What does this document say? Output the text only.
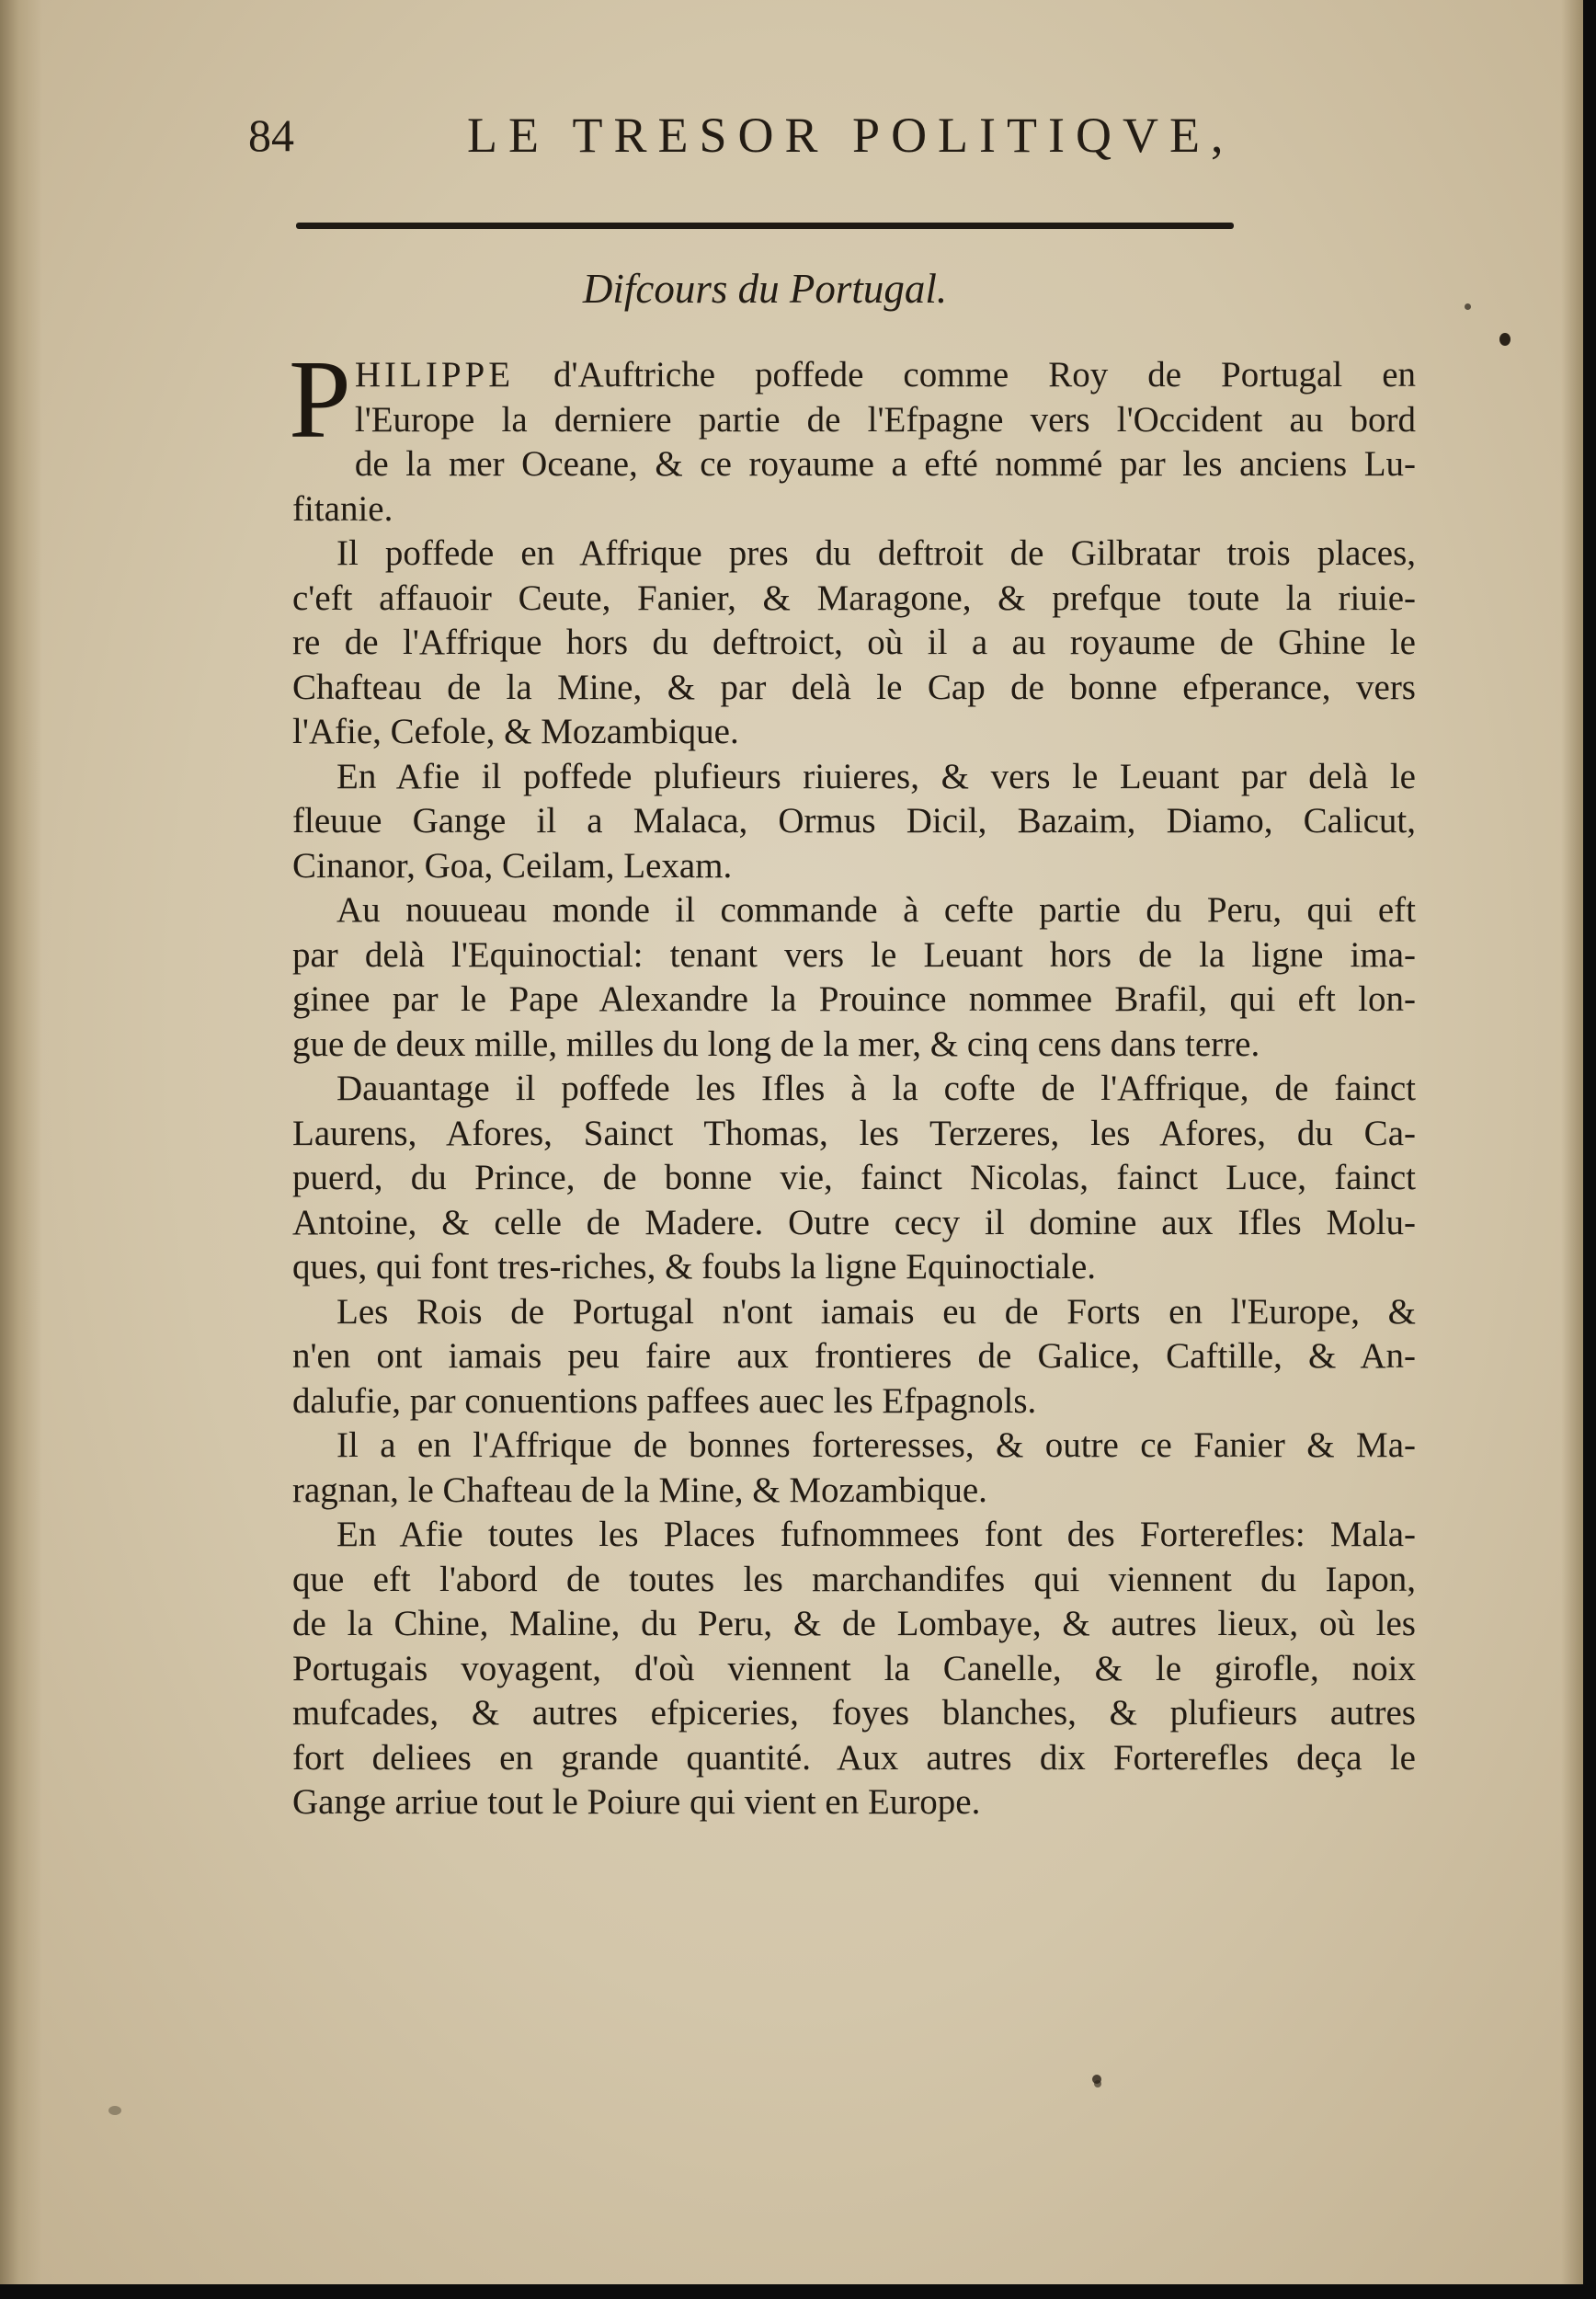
84	LE TRESOR POLITIQVE,
Difcours du Portugal.
P HILIPPE d'Auftriche poffede comme Roy de Portugal en
l'Europe la derniere partie de l'Efpagne vers l'Occident au bord
de la mer Oceane, & ce royaume a efté nommé par les anciens Lu-
fitanie.
Il poffede en Affrique pres du deftroit de Gilbratar trois places,
c'eft affauoir Ceute, Fanier, & Maragone, & prefque toute la riuie-
re de l'Affrique hors du deftroict, où il a au royaume de Ghine le
Chafteau de la Mine, & par delà le Cap de bonne efperance, vers
l'Afie, Cefole, & Mozambique.
En Afie il poffede plufieurs riuieres, & vers le Leuant par delà le
fleuue Gange il a Malaca, Ormus Dicil, Bazaim, Diamo, Calicut,
Cinanor, Goa, Ceilam, Lexam.
Au nouueau monde il commande à cefte partie du Peru, qui eft
par delà l'Equinoctial: tenant vers le Leuant hors de la ligne ima-
ginee par le Pape Alexandre la Prouince nommee Brafil, qui eft lon-
gue de deux mille, milles du long de la mer, & cinq cens dans terre.
Dauantage il poffede les Ifles à la cofte de l'Affrique, de fainct
Laurens, Afores, Sainct Thomas, les Terzeres, les Afores, du Ca-
puerd, du Prince, de bonne vie, fainct Nicolas, fainct Luce, fainct
Antoine, & celle de Madere. Outre cecy il domine aux Ifles Molu-
ques, qui font tres-riches, & foubs la ligne Equinoctiale.
Les Rois de Portugal n'ont iamais eu de Forts en l'Europe, &
n'en ont iamais peu faire aux frontieres de Galice, Caftille, & An-
dalufie, par conuentions paffees auec les Efpagnols.
Il a en l'Affrique de bonnes forteresses, & outre ce Fanier & Ma-
ragnan, le Chafteau de la Mine, & Mozambique.
En Afie toutes les Places fufnommees font des Forterefles: Mala-
que eft l'abord de toutes les marchandifes qui viennent du Iapon,
de la Chine, Maline, du Peru, & de Lombaye, & autres lieux, où les
Portugais voyagent, d'où viennent la Canelle, & le girofle, noix
mufcades, & autres efpiceries, foyes blanches, & plufieurs autres
fort deliees en grande quantité. Aux autres dix Forterefles deça le
Gange arriue tout le Poiure qui vient en Europe.
